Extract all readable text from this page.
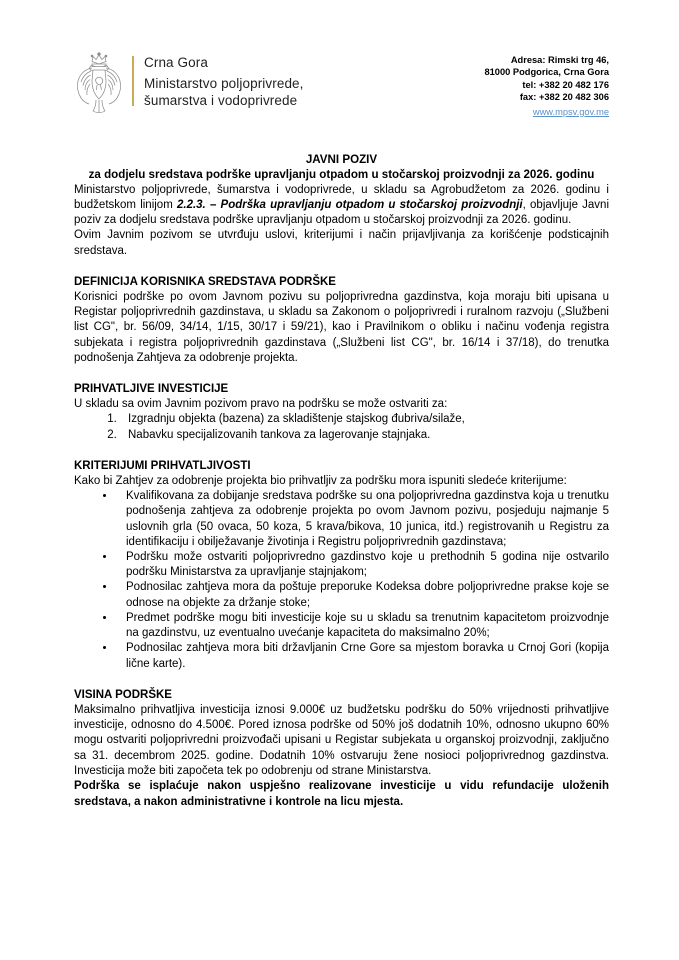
Crna Gora
Ministarstvo poljoprivrede,
šumarstva i vodoprivrede
Adresa: Rimski trg 46,
81000 Podgorica, Crna Gora
tel: +382 20 482 176
fax: +382 20 482 306
www.mpsv.gov.me
JAVNI POZIV
za dodjelu sredstava podrške upravljanju otpadom u stočarskoj proizvodnji za 2026. godinu

Ministarstvo poljoprivrede, šumarstva i vodoprivrede, u skladu sa Agrobudžetom za 2026. godinu i budžetskom linijom 2.2.3. – Podrška upravljanju otpadom u stočarskoj proizvodnji, objavljuje Javni poziv za dodjelu sredstava podrške upravljanju otpadom u stočarskoj proizvodnji za 2026. godinu.

Ovim Javnim pozivom se utvrđuju uslovi, kriterijumi i način prijavljivanja za korišćenje podsticajnih sredstava.

DEFINICIJA KORISNIKA SREDSTAVA PODRŠKE

Korisnici podrške po ovom Javnom pozivu su poljoprivredna gazdinstva, koja moraju biti upisana u Registar poljoprivrednih gazdinstava, u skladu sa Zakonom o poljoprivredi i ruralnom razvoju („Službeni list CG", br. 56/09, 34/14, 1/15, 30/17 i 59/21), kao i Pravilnikom o obliku i načinu vođenja registra subjekata i registra poljoprivrednih gazdinstava („Službeni list CG", br. 16/14 i 37/18), do trenutka podnošenja Zahtjeva za odobrenje projekta.

PRIHVATLJIVE INVESTICIJE

U skladu sa ovim Javnim pozivom pravo na podršku se može ostvariti za:

1. Izgradnju objekta (bazena) za skladištenje stajskog đubriva/silaže,
2. Nabavku specijalizovanih tankova za lagerovanje stajnjaka.
KRITERIJUMI PRIHVATLJIVOSTI

Kako bi Zahtjev za odobrenje projekta bio prihvatljiv za podršku mora ispuniti sledeće kriterijume:

• Kvalifikovana za dobijanje sredstava podrške su ona poljoprivredna gazdinstva koja u trenutku podnošenja zahtjeva za odobrenje projekta po ovom Javnom pozivu, posjeduju najmanje 5 uslovnih grla (50 ovaca, 50 koza, 5 krava/bikova, 10 junica, itd.) registrovanih u Registru za identifikaciju i obilježavanje životinja i Registru poljoprivrednih gazdinstava;
• Podršku može ostvariti poljoprivredno gazdinstvo koje u prethodnih 5 godina nije ostvarilo podršku Ministarstva za upravljanje stajnjakom;
• Podnosilac zahtjeva mora da poštuje preporuke Kodeksa dobre poljoprivredne prakse koje se odnose na objekte za držanje stoke;
• Predmet podrške mogu biti investicije koje su u skladu sa trenutnim kapacitetom proizvodnje na gazdinstvu, uz eventualno uvećanje kapaciteta do maksimalno 20%;
• Podnosilac zahtjeva mora biti državljanin Crne Gore sa mjestom boravka u Crnoj Gori (kopija lične karte).
VISINA PODRŠKE

Maksimalno prihvatljiva investicija iznosi 9.000€ uz budžetsku podršku do 50% vrijednosti prihvatljive investicije, odnosno do 4.500€. Pored iznosa podrške od 50% još dodatnih 10%, odnosno ukupno 60% mogu ostvariti poljoprivredni proizvođači upisani u Registar subjekata u organskoj proizvodnji, zaključno sa 31. decembrom 2025. godine. Dodatnih 10% ostvaruju žene nosioci poljoprivrednog gazdinstva. Investicija može biti započeta tek po odobrenju od strane Ministarstva.

Podrška se isplaćuje nakon uspješno realizovane investicije u vidu refundacije uloženih sredstava, a nakon administrativne i kontrole na licu mjesta.
